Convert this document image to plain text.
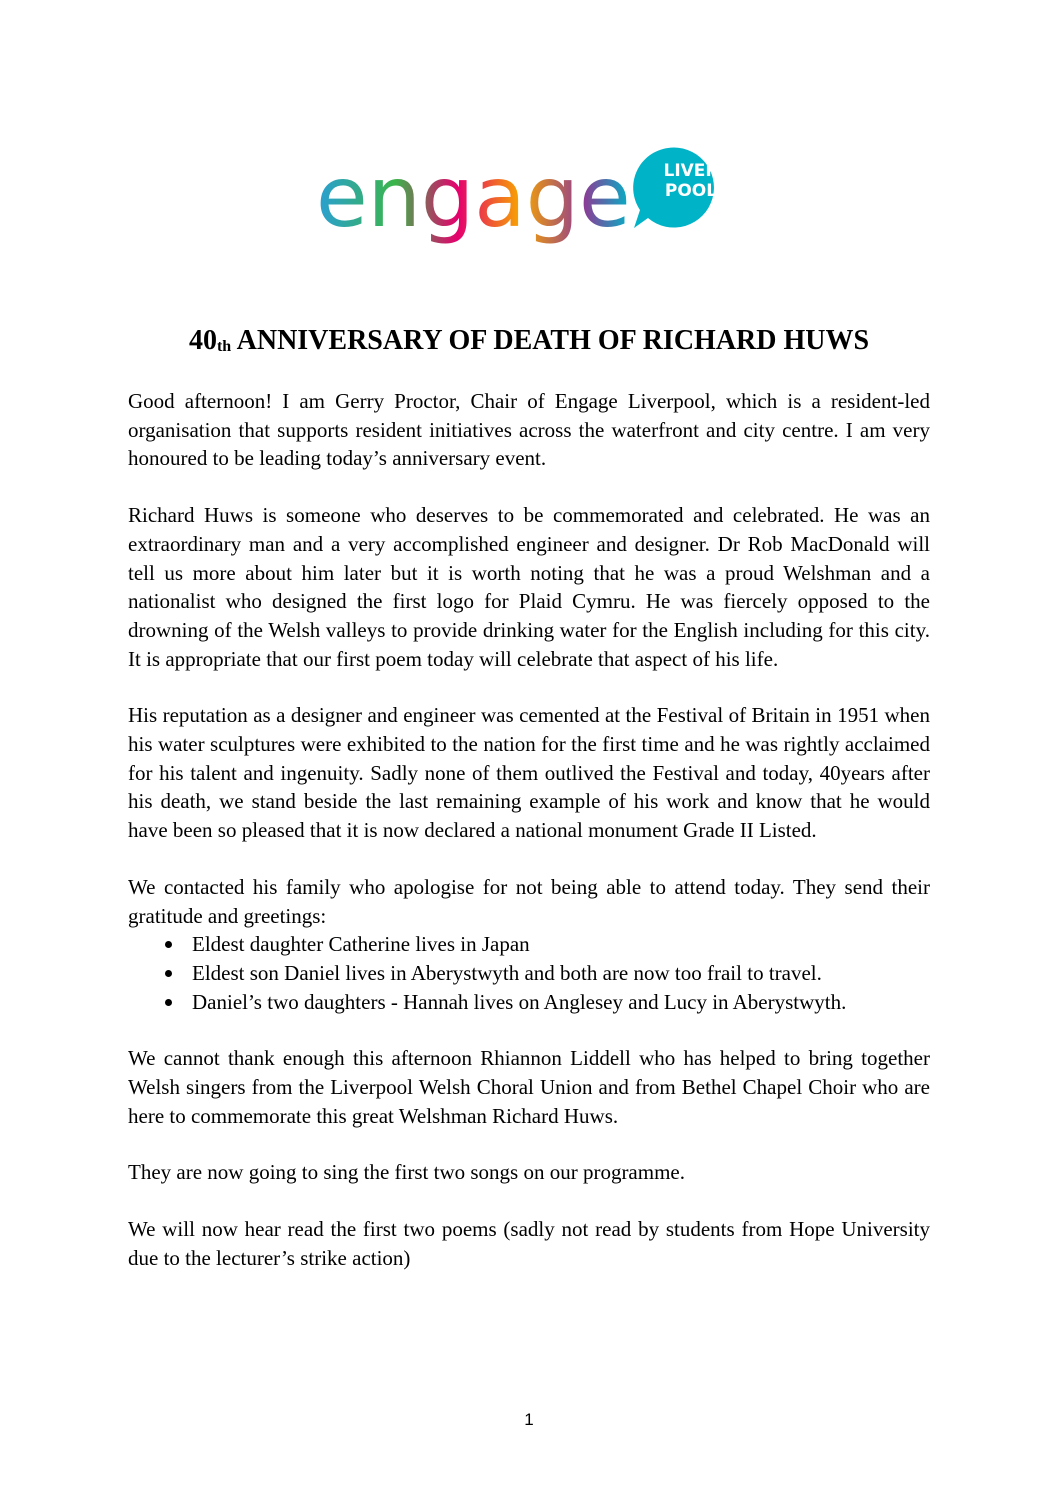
engage LIVER
POOL
40th ANNIVERSARY OF DEATH OF RICHARD HUWS

Good afternoon! I am Gerry Proctor, Chair of Engage Liverpool, which is a resident-led organisation that supports resident initiatives across the waterfront and city centre. I am very honoured to be leading today’s anniversary event.

Richard Huws is someone who deserves to be commemorated and celebrated. He was an extraordinary man and a very accomplished engineer and designer. Dr Rob MacDonald will tell us more about him later but it is worth noting that he was a proud Welshman and a nationalist who designed the first logo for Plaid Cymru. He was fiercely opposed to the drowning of the Welsh valleys to provide drinking water for the English including for this city. It is appropriate that our first poem today will celebrate that aspect of his life.

His reputation as a designer and engineer was cemented at the Festival of Britain in 1951 when his water sculptures were exhibited to the nation for the first time and he was rightly acclaimed for his talent and ingenuity. Sadly none of them outlived the Festival and today, 40years after his death, we stand beside the last remaining example of his work and know that he would have been so pleased that it is now declared a national monument Grade II Listed.

We contacted his family who apologise for not being able to attend today. They send their gratitude and greetings:

Eldest daughter Catherine lives in Japan
Eldest son Daniel lives in Aberystwyth and both are now too frail to travel.
Daniel’s two daughters - Hannah lives on Anglesey and Lucy in Aberystwyth.

We cannot thank enough this afternoon Rhiannon Liddell who has helped to bring together Welsh singers from the Liverpool Welsh Choral Union and from Bethel Chapel Choir who are here to commemorate this great Welshman Richard Huws.

They are now going to sing the first two songs on our programme.

We will now hear read the first two poems (sadly not read by students from Hope University due to the lecturer’s strike action)

1
